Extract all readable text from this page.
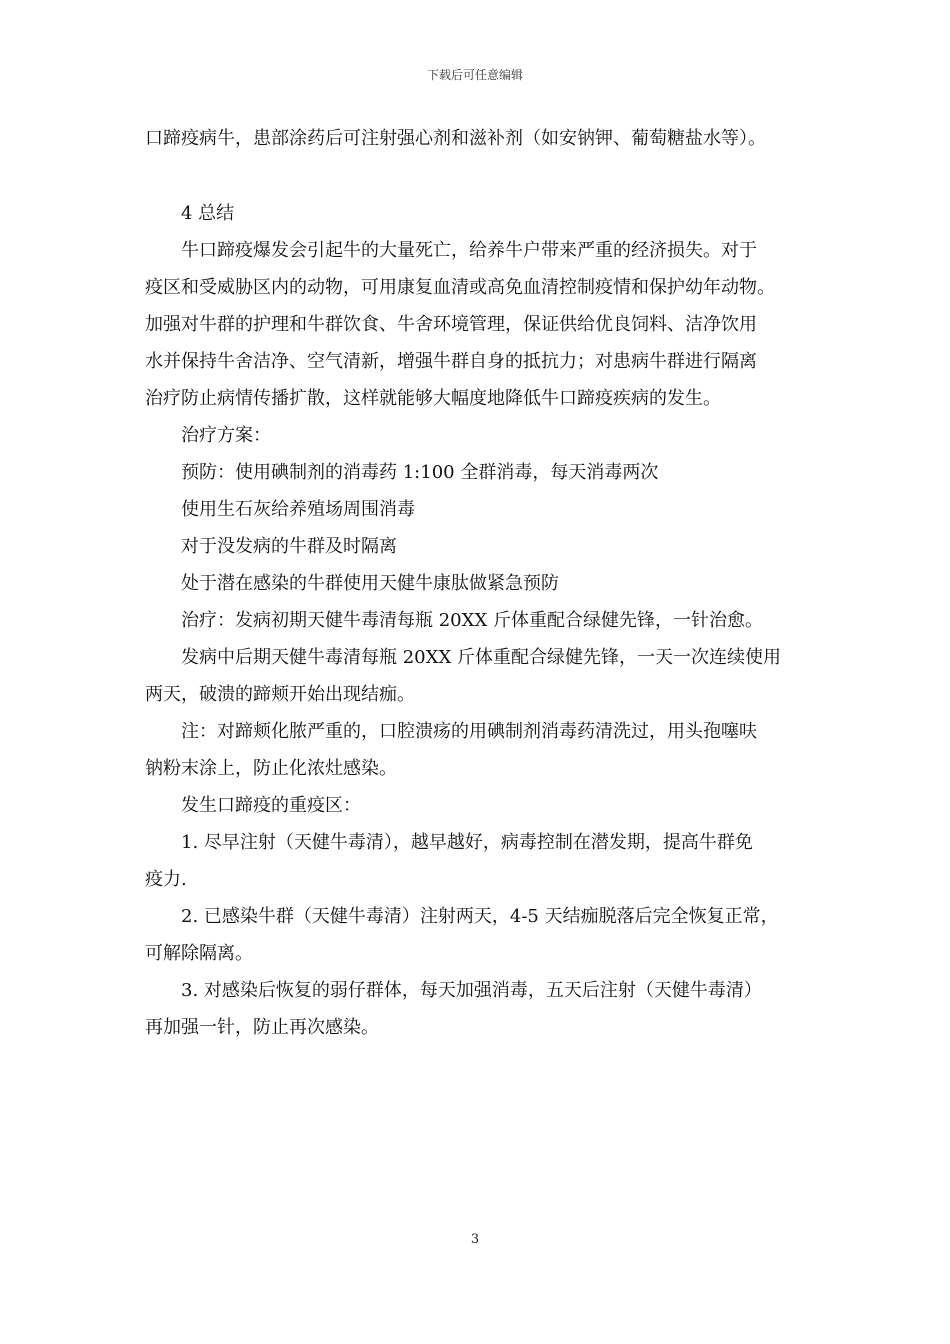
下载后可任意编辑
口蹄疫病牛，患部涂药后可注射强心剂和滋补剂（如安钠钾、葡萄糖盐水等）。
4 总结
牛口蹄疫爆发会引起牛的大量死亡，给养牛户带来严重的经济损失。对于
疫区和受威胁区内的动物，可用康复血清或高免血清控制疫情和保护幼年动物。
加强对牛群的护理和牛群饮食、牛舍环境管理，保证供给优良饲料、洁净饮用
水并保持牛舍洁净、空气清新，增强牛群自身的抵抗力；对患病牛群进行隔离
治疗防止病情传播扩散，这样就能够大幅度地降低牛口蹄疫疾病的发生。
治疗方案：
预防：使用碘制剂的消毒药 1:100 全群消毒，每天消毒两次
使用生石灰给养殖场周围消毒
对于没发病的牛群及时隔离
处于潜在感染的牛群使用天健牛康肽做紧急预防
治疗：发病初期天健牛毒清每瓶 20XX 斤体重配合绿健先锋，一针治愈。
发病中后期天健牛毒清每瓶 20XX 斤体重配合绿健先锋，一天一次连续使用
两天，破溃的蹄颊开始出现结痂。
注：对蹄颊化脓严重的，口腔溃疡的用碘制剂消毒药清洗过，用头孢噻呋
钠粉末涂上，防止化浓灶感染。
发生口蹄疫的重疫区：
1. 尽早注射（天健牛毒清），越早越好，病毒控制在潜发期，提高牛群免
疫力.
2. 已感染牛群（天健牛毒清）注射两天，4-5 天结痂脱落后完全恢复正常，
可解除隔离。
3. 对感染后恢复的弱仔群体，每天加强消毒，五天后注射（天健牛毒清）
再加强一针，防止再次感染。
3
